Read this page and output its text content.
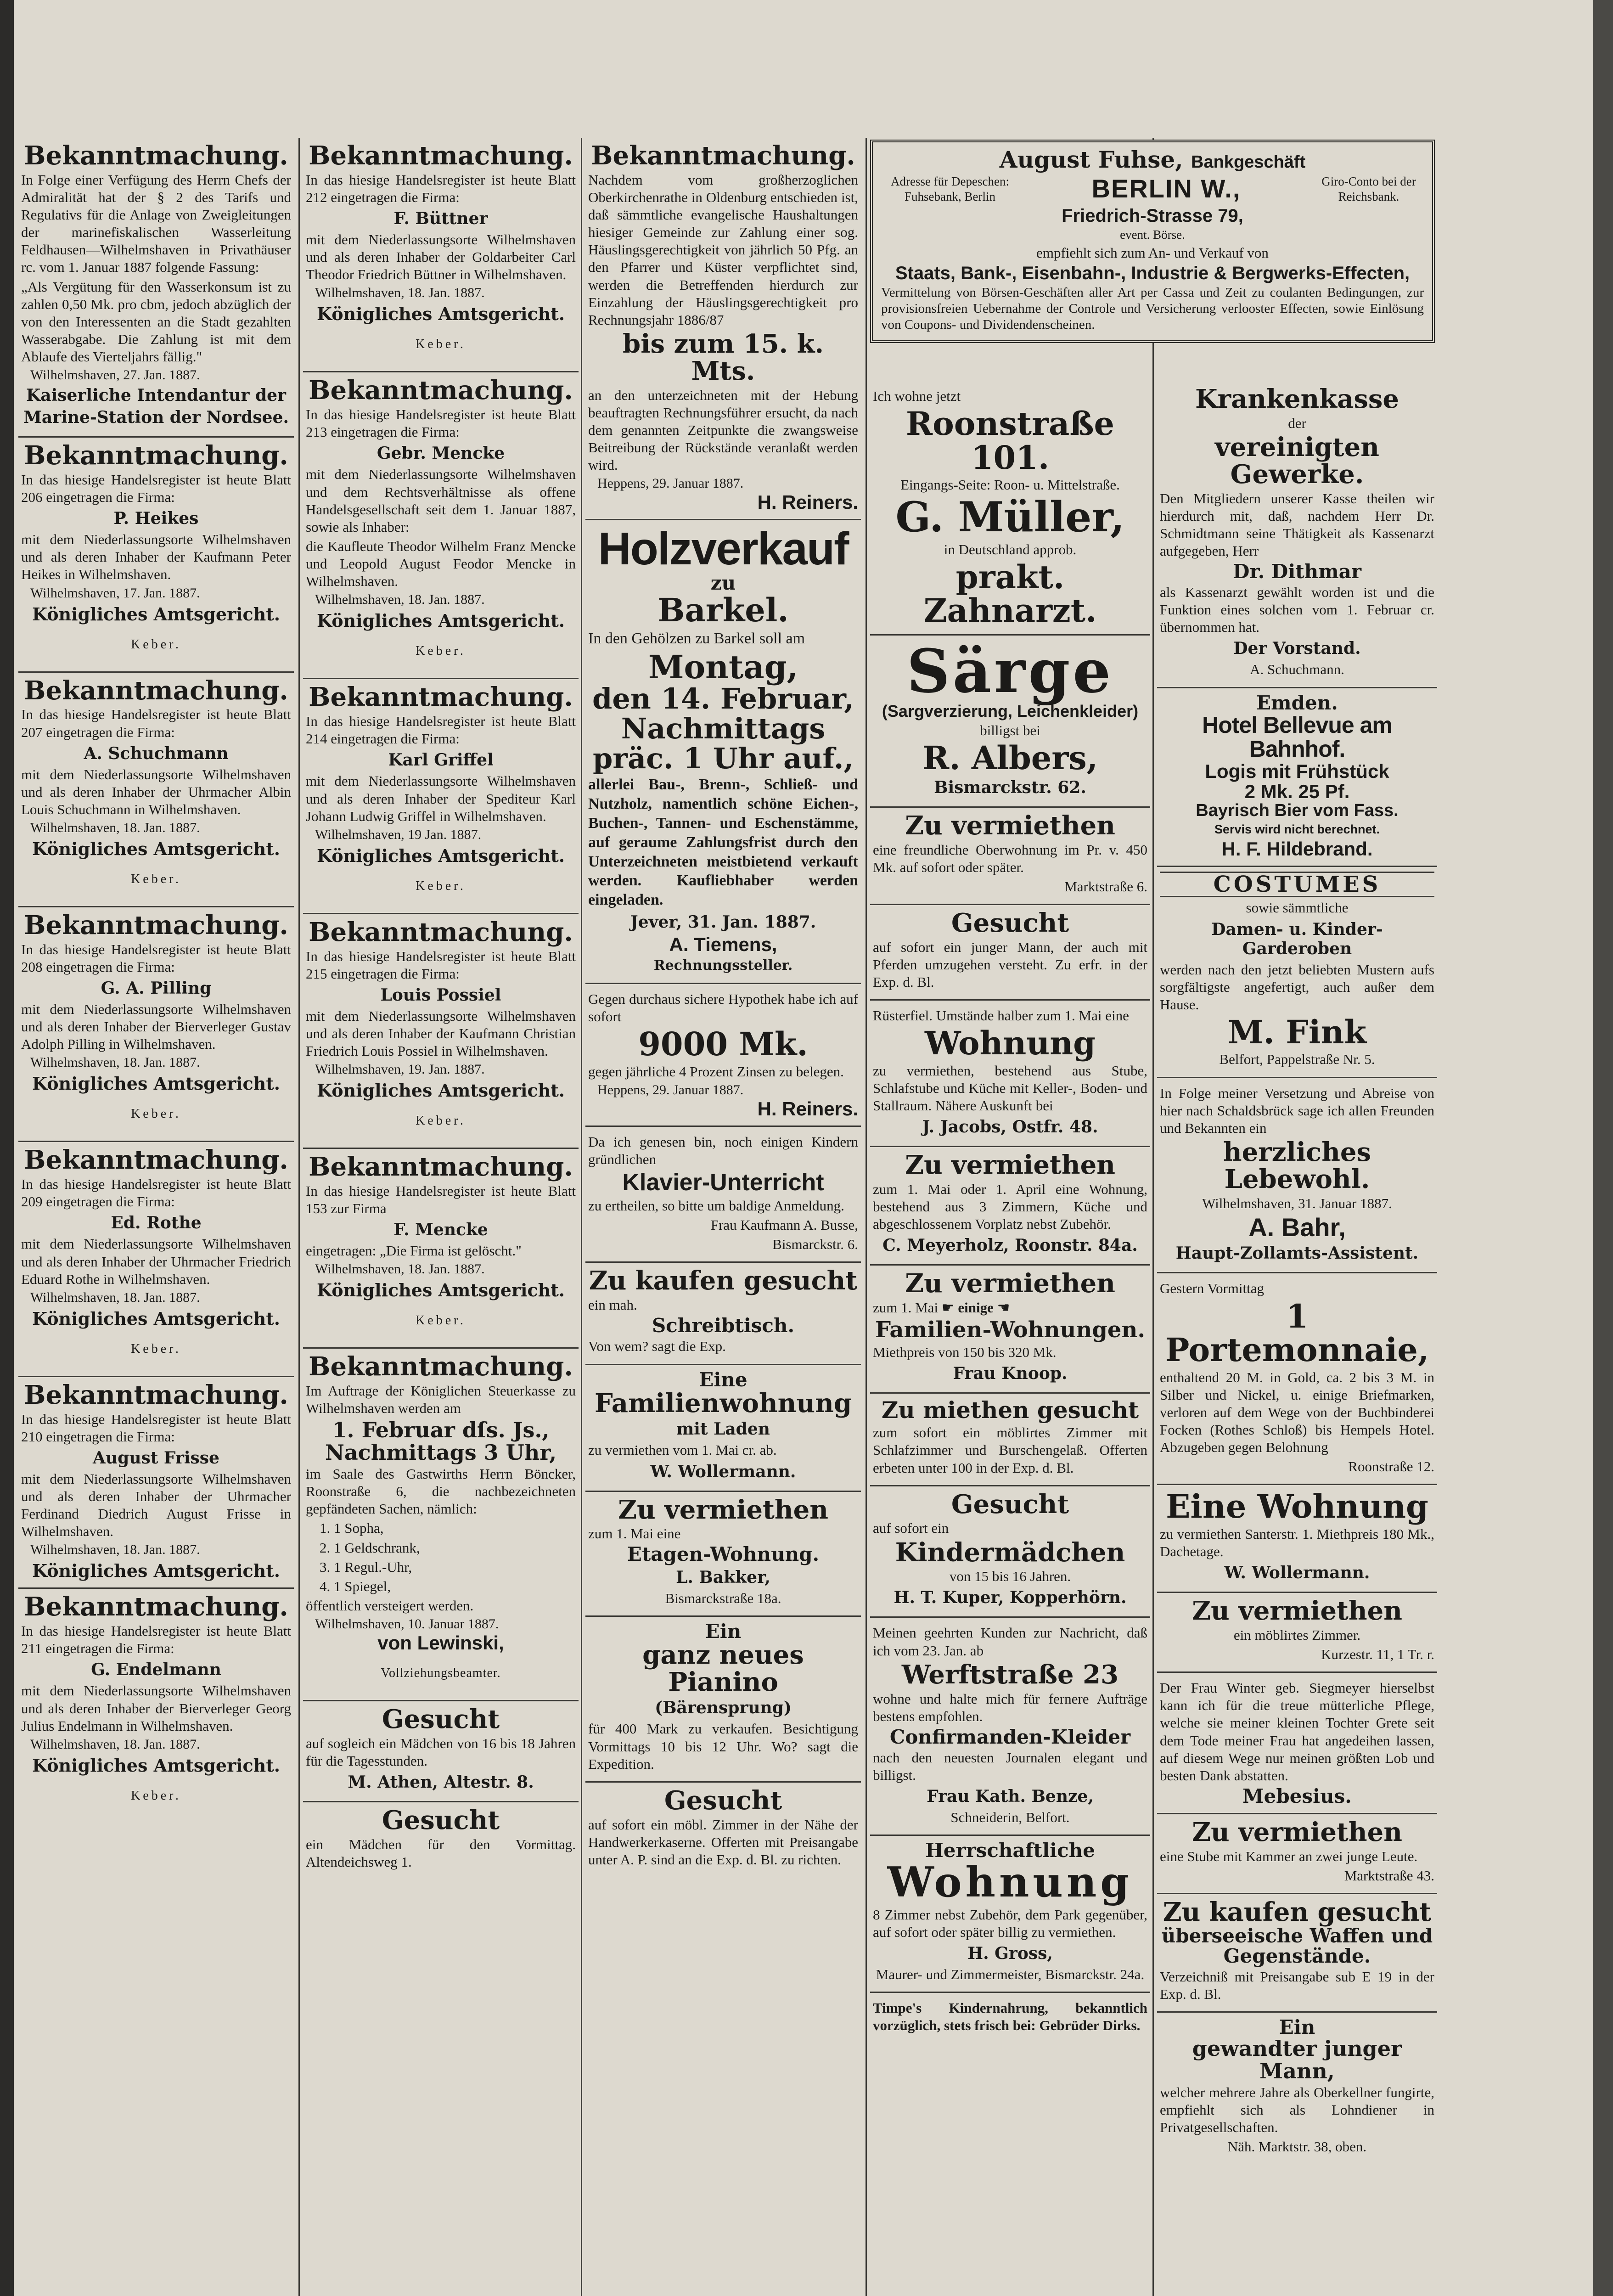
Bekanntmachung.

In Folge einer Verfügung des Herrn Chefs der Admiralität hat der § 2 des Tarifs und Regulativs für die Anlage von Zweigleitungen der marinefiskalischen Wasserleitung Feldhausen—Wilhelmshaven in Privathäuser rc. vom 1. Januar 1887 folgende Fassung:

„Als Vergütung für den Wasserkonsum ist zu zahlen 0,50 Mk. pro cbm, jedoch abzüglich der von den Interessenten an die Stadt gezahlten Wasserabgabe. Die Zahlung ist mit dem Ablaufe des Vierteljahrs fällig."

Wilhelmshaven, 27. Jan. 1887.

Kaiserliche Intendantur der

Marine-Station der Nordsee.

Bekanntmachung.

In das hiesige Handelsregister ist heute Blatt 206 eingetragen die Firma:

P. Heikes

mit dem Niederlassungsorte Wilhelmshaven und als deren Inhaber der Kaufmann Peter Heikes in Wilhelmshaven.

Wilhelmshaven, 17. Jan. 1887.

Königliches Amtsgericht.

Keber.

Bekanntmachung.

In das hiesige Handelsregister ist heute Blatt 207 eingetragen die Firma:

A. Schuchmann

mit dem Niederlassungsorte Wilhelmshaven und als deren Inhaber der Uhrmacher Albin Louis Schuchmann in Wilhelmshaven.

Wilhelmshaven, 18. Jan. 1887.

Königliches Amtsgericht.

Keber.

Bekanntmachung.

In das hiesige Handelsregister ist heute Blatt 208 eingetragen die Firma:

G. A. Pilling

mit dem Niederlassungsorte Wilhelmshaven und als deren Inhaber der Bierverleger Gustav Adolph Pilling in Wilhelmshaven.

Wilhelmshaven, 18. Jan. 1887.

Königliches Amtsgericht.

Keber.

Bekanntmachung.

In das hiesige Handelsregister ist heute Blatt 209 eingetragen die Firma:

Ed. Rothe

mit dem Niederlassungsorte Wilhelmshaven und als deren Inhaber der Uhrmacher Friedrich Eduard Rothe in Wilhelmshaven.

Wilhelmshaven, 18. Jan. 1887.

Königliches Amtsgericht.

Keber.

Bekanntmachung.

In das hiesige Handelsregister ist heute Blatt 210 eingetragen die Firma:

August Frisse

mit dem Niederlassungsorte Wilhelmshaven und als deren Inhaber der Uhrmacher Ferdinand Diedrich August Frisse in Wilhelmshaven.

Wilhelmshaven, 18. Jan. 1887.

Königliches Amtsgericht.

Bekanntmachung.

In das hiesige Handelsregister ist heute Blatt 211 eingetragen die Firma:

G. Endelmann

mit dem Niederlassungsorte Wilhelmshaven und als deren Inhaber der Bierverleger Georg Julius Endelmann in Wilhelmshaven.

Wilhelmshaven, 18. Jan. 1887.

Königliches Amtsgericht.

Keber.

Bekanntmachung.

In das hiesige Handelsregister ist heute Blatt 212 eingetragen die Firma:

F. Büttner

mit dem Niederlassungsorte Wilhelmshaven und als deren Inhaber der Goldarbeiter Carl Theodor Friedrich Büttner in Wilhelmshaven.

Wilhelmshaven, 18. Jan. 1887.

Königliches Amtsgericht.

Keber.

Bekanntmachung.

In das hiesige Handelsregister ist heute Blatt 213 eingetragen die Firma:

Gebr. Mencke

mit dem Niederlassungsorte Wilhelmshaven und dem Rechtsverhältnisse als offene Handelsgesellschaft seit dem 1. Januar 1887, sowie als Inhaber:

die Kaufleute Theodor Wilhelm Franz Mencke und Leopold August Feodor Mencke in Wilhelmshaven.

Wilhelmshaven, 18. Jan. 1887.

Königliches Amtsgericht.

Keber.

Bekanntmachung.

In das hiesige Handelsregister ist heute Blatt 214 eingetragen die Firma:

Karl Griffel

mit dem Niederlassungsorte Wilhelmshaven und als deren Inhaber der Spediteur Karl Johann Ludwig Griffel in Wilhelmshaven.

Wilhelmshaven, 19 Jan. 1887.

Königliches Amtsgericht.

Keber.

Bekanntmachung.

In das hiesige Handelsregister ist heute Blatt 215 eingetragen die Firma:

Louis Possiel

mit dem Niederlassungsorte Wilhelmshaven und als deren Inhaber der Kaufmann Christian Friedrich Louis Possiel in Wilhelmshaven.

Wilhelmshaven, 19. Jan. 1887.

Königliches Amtsgericht.

Keber.

Bekanntmachung.

In das hiesige Handelsregister ist heute Blatt 153 zur Firma

F. Mencke

eingetragen: „Die Firma ist gelöscht."

Wilhelmshaven, 18. Jan. 1887.

Königliches Amtsgericht.

Keber.

Bekanntmachung.

Im Auftrage der Königlichen Steuerkasse zu Wilhelmshaven werden am

1. Februar dſs. Js., Nachmittags 3 Uhr,

im Saale des Gastwirths Herrn Böncker, Roonstraße 6, die nachbezeichneten gepfändeten Sachen, nämlich:

1. 1 Sopha,

2. 1 Geldschrank,

3. 1 Regul.-Uhr,

4. 1 Spiegel,

öffentlich versteigert werden.

Wilhelmshaven, 10. Januar 1887.

von Lewinski,

Vollziehungsbeamter.

Gesucht

auf sogleich ein Mädchen von 16 bis 18 Jahren für die Tagesstunden.

M. Athen, Altestr. 8.

Gesucht

ein Mädchen für den Vormittag. Altendeichsweg 1.

Bekanntmachung.

Nachdem vom großherzoglichen Oberkirchenrathe in Oldenburg entschieden ist, daß sämmtliche evangelische Haushaltungen hiesiger Gemeinde zur Zahlung einer sog. Häuslingsgerechtigkeit von jährlich 50 Pfg. an den Pfarrer und Küster verpflichtet sind, werden die Betreffenden hierdurch zur Einzahlung der Häuslingsgerechtigkeit pro Rechnungsjahr 1886/87

bis zum 15. k. Mts.

an den unterzeichneten mit der Hebung beauftragten Rechnungsführer ersucht, da nach dem genannten Zeitpunkte die zwangsweise Beitreibung der Rückstände veranlaßt werden wird.

Heppens, 29. Januar 1887.

H. Reiners.

Holzverkauf

zu

Barkel.

In den Gehölzen zu Barkel soll am

Montag,

den 14. Februar,

Nachmittags

präc. 1 Uhr auf.,

allerlei Bau-, Brenn-, Schließ- und Nutzholz, namentlich schöne Eichen-, Buchen-, Tannen- und Eschenstämme, auf geraume Zahlungsfrist durch den Unterzeichneten meistbietend verkauft werden. Kaufliebhaber werden eingeladen.

Jever, 31. Jan. 1887.

A. Tiemens,

Rechnungssteller.

Gegen durchaus sichere Hypothek habe ich auf sofort

9000 Mk.

gegen jährliche 4 Prozent Zinsen zu belegen.

Heppens, 29. Januar 1887.

H. Reiners.

Da ich genesen bin, noch einigen Kindern gründlichen

Klavier-Unterricht

zu ertheilen, so bitte um baldige Anmeldung.

Frau Kaufmann A. Busse,

Bismarckstr. 6.

Zu kaufen gesucht

ein mah.

Schreibtisch.

Von wem? sagt die Exp.

Eine

Familienwohnung

mit Laden

zu vermiethen vom 1. Mai cr. ab.

W. Wollermann.

Zu vermiethen

zum 1. Mai eine

Etagen-Wohnung.

L. Bakker,

Bismarckstraße 18a.

Ein

ganz neues Pianino

(Bärensprung)

für 400 Mark zu verkaufen. Besichtigung Vormittags 10 bis 12 Uhr. Wo? sagt die Expedition.

Gesucht

auf sofort ein möbl. Zimmer in der Nähe der Handwerkerkaserne. Offerten mit Preisangabe unter A. P. sind an die Exp. d. Bl. zu richten.

August Fuhse, Bankgeschäft

Adresse für Depeschen: Fuhsebank, Berlin	BERLIN W.,	Giro-Conto bei der Reichsbank.

Friedrich-Strasse 79,

event. Börse.

empfiehlt sich zum An- und Verkauf von

Staats, Bank-, Eisenbahn-, Industrie & Bergwerks-Effecten,

Vermittelung von Börsen-Geschäften aller Art per Cassa und Zeit zu coulanten Bedingungen, zur provisionsfreien Uebernahme der Controle und Versicherung verlooster Effecten, sowie Einlösung von Coupons- und Dividendenscheinen.

Ich wohne jetzt

Roonstraße 101.

Eingangs-Seite: Roon- u. Mittelstraße.

G. Müller,

in Deutschland approb.

prakt. Zahnarzt.

Särge

(Sargverzierung, Leichenkleider)

billigst bei

R. Albers,

Bismarckstr. 62.

Zu vermiethen

eine freundliche Oberwohnung im Pr. v. 450 Mk. auf sofort oder später.

Marktstraße 6.

Gesucht

auf sofort ein junger Mann, der auch mit Pferden umzugehen versteht. Zu erfr. in der Exp. d. Bl.

Rüsterfiel. Umstände halber zum 1. Mai eine

Wohnung

zu vermiethen, bestehend aus Stube, Schlafstube und Küche mit Keller-, Boden- und Stallraum. Nähere Auskunft bei

J. Jacobs, Ostfr. 48.

Zu vermiethen

zum 1. Mai oder 1. April eine Wohnung, bestehend aus 3 Zimmern, Küche und abgeschlossenem Vorplatz nebst Zubehör.

C. Meyerholz, Roonstr. 84a.

Zu vermiethen

zum 1. Mai ☛ einige ☚

Familien-Wohnungen.

Miethpreis von 150 bis 320 Mk.

Frau Knoop.

Zu miethen gesucht

zum sofort ein möblirtes Zimmer mit Schlafzimmer und Burschengelaß. Offerten erbeten unter 100 in der Exp. d. Bl.

Gesucht

auf sofort ein

Kindermädchen

von 15 bis 16 Jahren.

H. T. Kuper, Kopperhörn.

Meinen geehrten Kunden zur Nachricht, daß ich vom 23. Jan. ab

Werftstraße 23

wohne und halte mich für fernere Aufträge bestens empfohlen.

Confirmanden-Kleider

nach den neuesten Journalen elegant und billigst.

Frau Kath. Benze,

Schneiderin, Belfort.

Herrschaftliche

Wohnung

8 Zimmer nebst Zubehör, dem Park gegenüber, auf sofort oder später billig zu vermiethen.

H. Gross,

Maurer- und Zimmermeister, Bismarckstr. 24a.

Timpe's Kindernahrung, bekanntlich vorzüglich, stets frisch bei: Gebrüder Dirks.

Krankenkasse

der

vereinigten Gewerke.

Den Mitgliedern unserer Kasse theilen wir hierdurch mit, daß, nachdem Herr Dr. Schmidtmann seine Thätigkeit als Kassenarzt aufgegeben, Herr

Dr. Dithmar

als Kassenarzt gewählt worden ist und die Funktion eines solchen vom 1. Februar cr. übernommen hat.

Der Vorstand.

A. Schuchmann.

Emden.

Hotel Bellevue am Bahnhof.

Logis mit Frühstück

2 Mk. 25 Pf.

Bayrisch Bier vom Fass.

Servis wird nicht berechnet.

H. F. Hildebrand.

COSTUMES

sowie sämmtliche

Damen- u. Kinder-Garderoben

werden nach den jetzt beliebten Mustern aufs sorgfältigste angefertigt, auch außer dem Hause.

M. Fink

Belfort, Pappelstraße Nr. 5.

In Folge meiner Versetzung und Abreise von hier nach Schaldsbrück sage ich allen Freunden und Bekannten ein

herzliches Lebewohl.

Wilhelmshaven, 31. Januar 1887.

A. Bahr,

Haupt-Zollamts-Assistent.

Gestern Vormittag

1 Portemonnaie,

enthaltend 20 M. in Gold, ca. 2 bis 3 M. in Silber und Nickel, u. einige Briefmarken, verloren auf dem Wege von der Buchbinderei Focken (Rothes Schloß) bis Hempels Hotel. Abzugeben gegen Belohnung

Roonstraße 12.

Eine Wohnung

zu vermiethen Santerstr. 1. Miethpreis 180 Mk., Dachetage.

W. Wollermann.

Zu vermiethen

ein möblirtes Zimmer.

Kurzestr. 11, 1 Tr. r.

Der Frau Winter geb. Siegmeyer hierselbst kann ich für die treue mütterliche Pflege, welche sie meiner kleinen Tochter Grete seit dem Tode meiner Frau hat angedeihen lassen, auf diesem Wege nur meinen größten Lob und besten Dank abstatten.

Mebesius.

Zu vermiethen

eine Stube mit Kammer an zwei junge Leute.

Marktstraße 43.

Zu kaufen gesucht

überseeische Waffen und Gegenstände.

Verzeichniß mit Preisangabe sub E 19 in der Exp. d. Bl.

Ein

gewandter junger Mann,

welcher mehrere Jahre als Oberkellner fungirte, empfiehlt sich als Lohndiener in Privatgesellschaften.

Näh. Marktstr. 38, oben.
